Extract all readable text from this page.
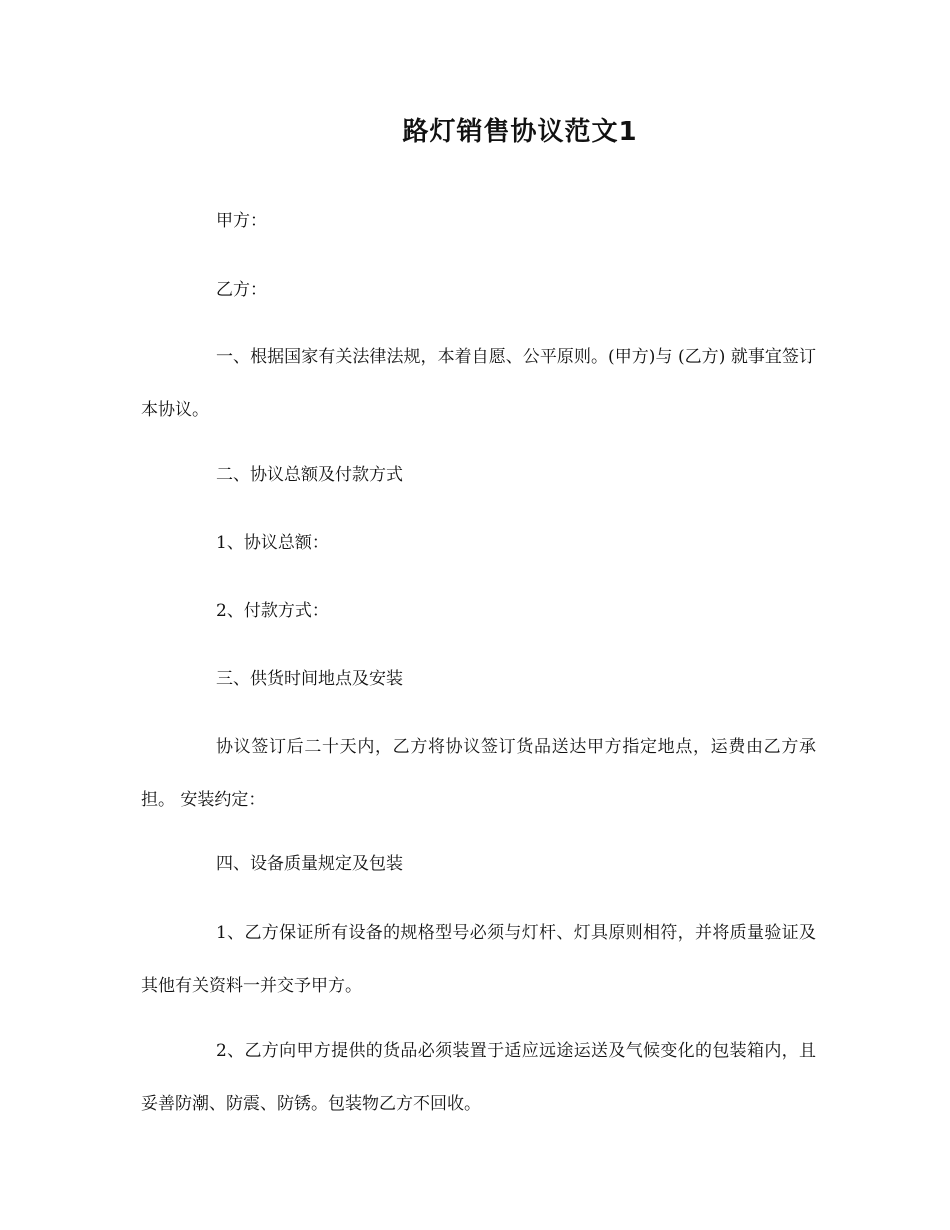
路灯销售协议范文1

甲方：

乙方：

一、根据国家有关法律法规，本着自愿、公平原则。(甲方)与 (乙方) 就事宜签订本协议。

二、协议总额及付款方式

1、协议总额：

2、付款方式：

三、供货时间地点及安装

协议签订后二十天内，乙方将协议签订货品送达甲方指定地点，运费由乙方承担。 安装约定：

四、设备质量规定及包装

1、乙方保证所有设备的规格型号必须与灯杆、灯具原则相符，并将质量验证及其他有关资料一并交予甲方。

2、乙方向甲方提供的货品必须装置于适应远途运送及气候变化的包装箱内，且妥善防潮、防震、防锈。包装物乙方不回收。
